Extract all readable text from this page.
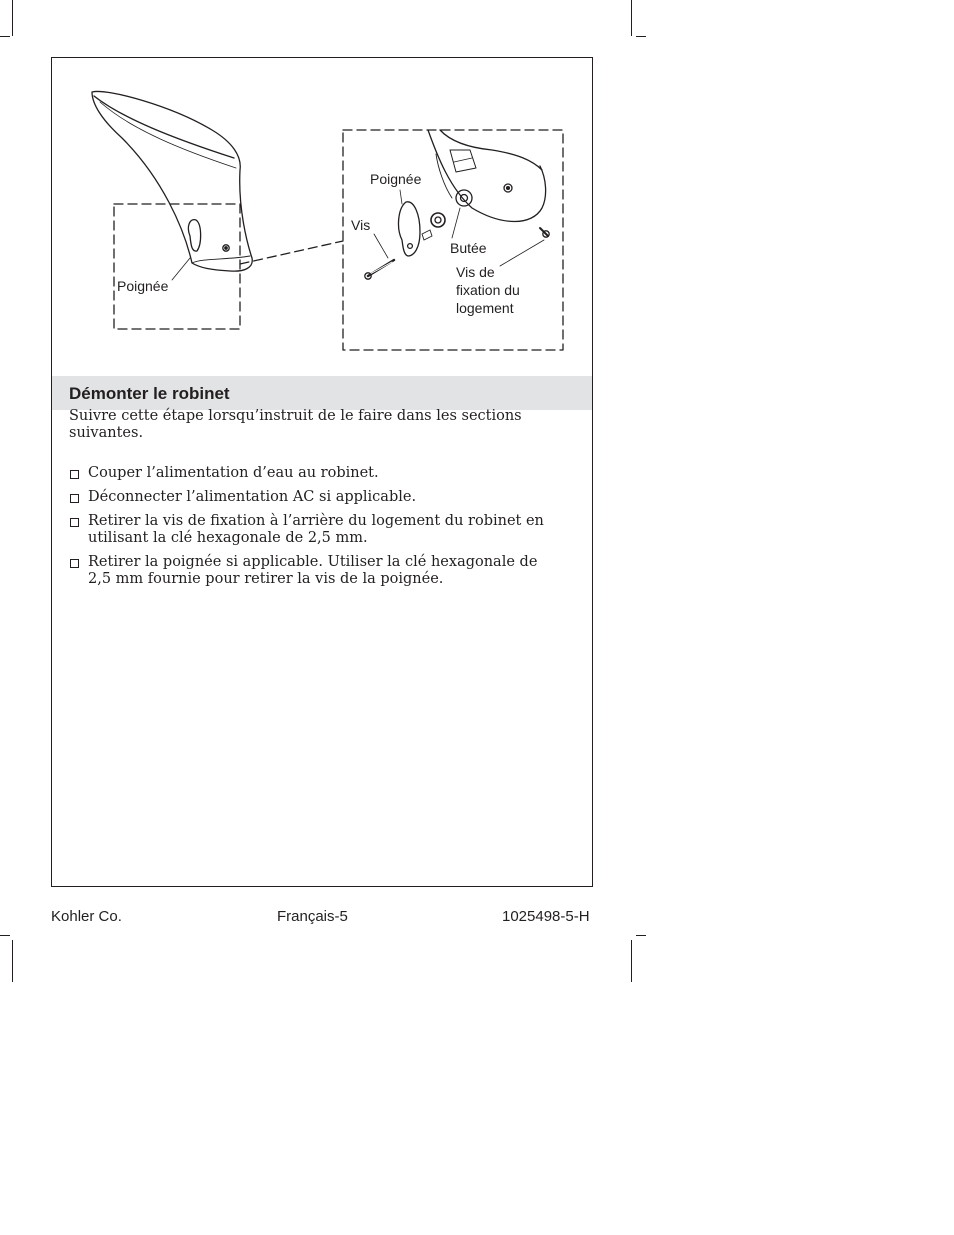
Poignée
Poignée
Vis
Butée
Vis de
fixation du
logement
Démonter le robinet

Suivre cette étape lorsqu’instruit de le faire dans les sections suivantes.

Couper l’alimentation d’eau au robinet.
Déconnecter l’alimentation AC si applicable.
Retirer la vis de fixation à l’arrière du logement du robinet en utilisant la clé hexagonale de 2,5 mm.
Retirer la poignée si applicable. Utiliser la clé hexagonale de 2,5 mm fournie pour retirer la vis de la poignée.
Kohler Co.	Français-5	1025498-5-H
